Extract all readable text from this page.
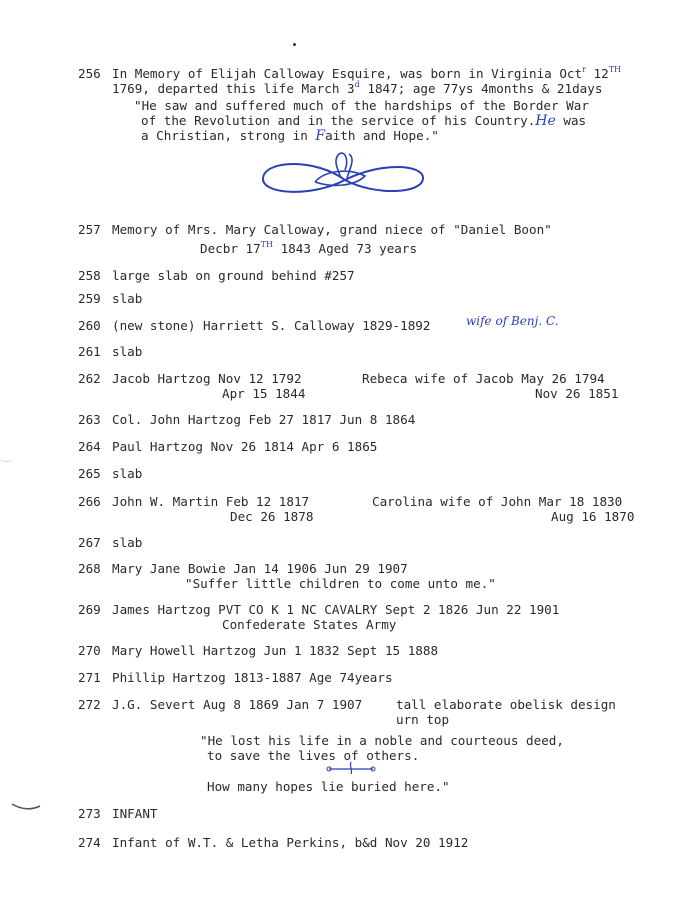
256 In Memory of Elijah Calloway Esquire, was born in Virginia Oct$^r$ 12TH
1769, departed this life March 3$^d$ 1847; age 77ys 4months & 21days
"He saw and suffered much of the hardships of the Border War
of the Revolution and in the service of his Country.He was
a Christian, strong in Faith and Hope."
257 Memory of Mrs. Mary Calloway, grand niece of "Daniel Boon"
Decbr 17TH 1843 Aged 73 years
258 large slab on ground behind #257
259 slab
260 (new stone) Harriett S. Calloway 1829-1892	wife of Benj. C.
261 slab
262 Jacob Hartzog Nov 12 1792
Apr 15 1844
Rebeca wife of Jacob May 26 1794
Nov 26 1851
263 Col. John Hartzog Feb 27 1817 Jun 8 1864
264 Paul Hartzog Nov 26 1814 Apr 6 1865
265 slab
266 John W. Martin Feb 12 1817
Dec 26 1878
Carolina wife of John Mar 18 1830
Aug 16 1870
267 slab
268 Mary Jane Bowie Jan 14 1906 Jun 29 1907
"Suffer little children to come unto me."
269 James Hartzog PVT CO K 1 NC CAVALRY Sept 2 1826 Jun 22 1901
Confederate States Army
270 Mary Howell Hartzog Jun 1 1832 Sept 15 1888
271 Phillip Hartzog 1813-1887 Age 74years
272 J.G. Severt Aug 8 1869 Jan 7 1907	tall elaborate obelisk design
urn top
"He lost his life in a noble and courteous deed,
to save the lives of others.
How many hopes lie buried here."
273 INFANT
274 Infant of W.T. & Letha Perkins, b&d Nov 20 1912
